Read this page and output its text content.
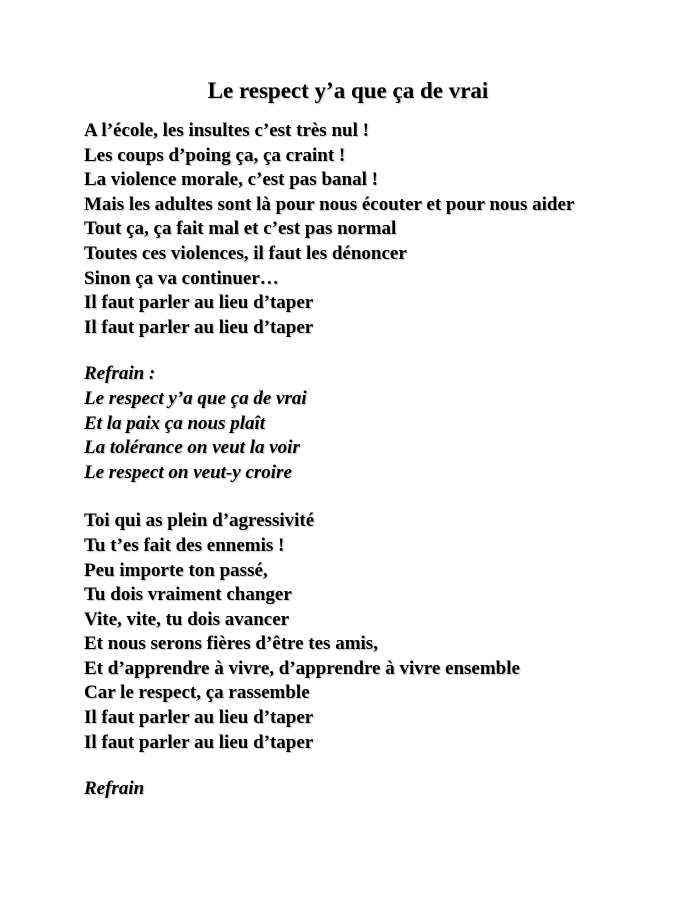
Le respect y’a que ça de vrai
A l’école, les insultes c’est très nul !
Les coups d’poing ça, ça craint !
La violence morale, c’est pas banal !
Mais les adultes sont là pour nous écouter et pour nous aider
Tout ça, ça fait mal et c’est pas normal
Toutes ces violences, il faut les dénoncer
Sinon ça va continuer…
Il faut parler au lieu d’taper
Il faut parler au lieu d’taper
Refrain :
Le respect y’a que ça de vrai
Et la paix ça nous plaît
La tolérance on veut la voir
Le respect on veut-y croire
Toi qui as plein d’agressivité
Tu t’es fait des ennemis !
Peu importe ton passé,
Tu dois vraiment changer
Vite, vite, tu dois avancer
Et nous serons fières d’être tes amis,
Et d’apprendre à vivre, d’apprendre à vivre ensemble
Car le respect, ça rassemble
Il faut parler au lieu d’taper
Il faut parler au lieu d’taper
Refrain
